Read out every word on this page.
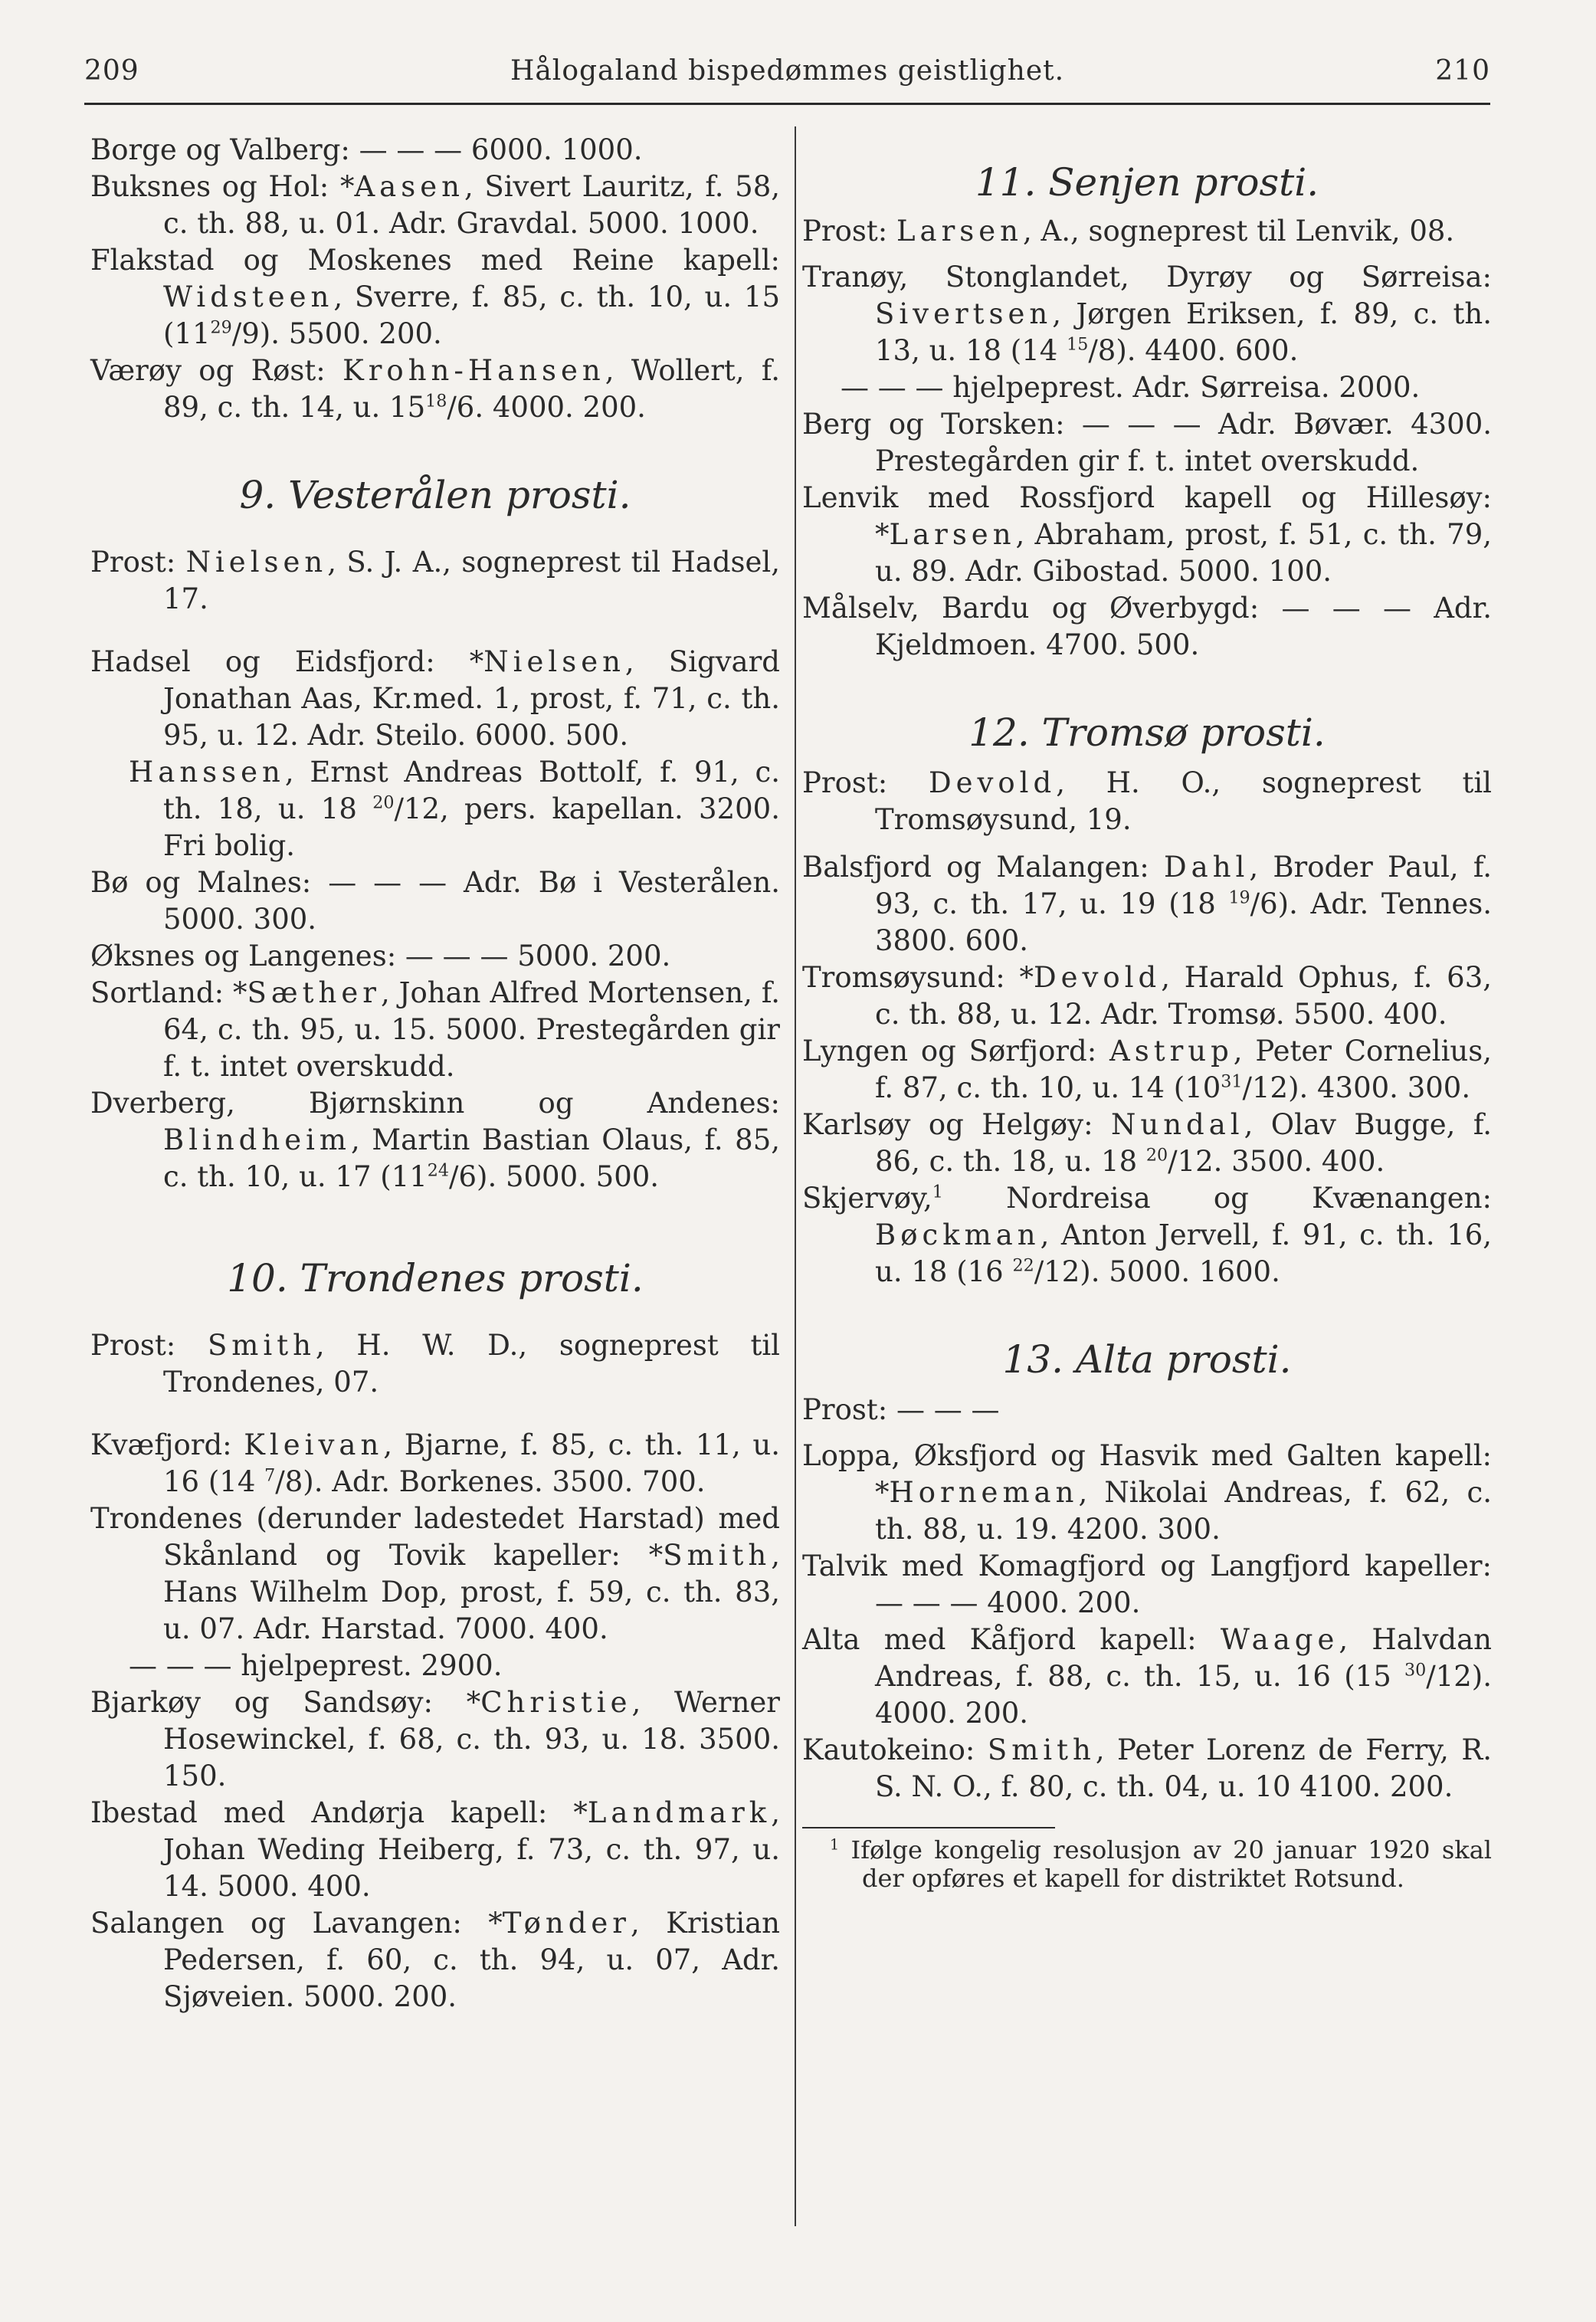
209	Hålogaland bispedømmes geistlighet.	210

Borge og Valberg: — — — 6000. 1000.

Buksnes og Hol: *Aasen, Sivert Lauritz, f. 58, c. th. 88, u. 01. Adr. Gravdal. 5000. 1000.

Flakstad og Moskenes med Reine kapell: Widsteen, Sverre, f. 85, c. th. 10, u. 15 $(11^{29}/9)$. 5500. 200.

Værøy og Røst: Krohn-Hansen, Wollert, f. 89, c. th. 14, u. $15^{18}/6$. 4000. 200.

9. Vesterålen prosti.

Prost: Nielsen, S. J. A., sogneprest til Hadsel, 17.

Hadsel og Eidsfjord: *Nielsen, Sigvard Jonathan Aas, Kr.med. 1, prost, f. 71, c. th. 95, u. 12. Adr. Steilo. 6000. 500.

Hanssen, Ernst Andreas Bottolf, f. 91, c. th. 18, u. 18 $^{20}$/12, pers. kapellan. 3200. Fri bolig.

Bø og Malnes: — — — Adr. Bø i Vesterålen. 5000. 300.

Øksnes og Langenes: — — — 5000. 200.

Sortland: *Sæther, Johan Alfred Mortensen, f. 64, c. th. 95, u. 15. 5000. Prestegården gir f. t. intet overskudd.

Dverberg, Bjørnskinn og Andenes: Blindheim, Martin Bastian Olaus, f. 85, c. th. 10, u. 17 $(11^{24}/6)$. 5000. 500.

10. Trondenes prosti.

Prost: Smith, H. W. D., sogneprest til Trondenes, 07.

Kvæfjord: Kleivan, Bjarne, f. 85, c. th. 11, u. 16 (14 $^7$/8). Adr. Borkenes. 3500. 700.

Trondenes (derunder ladestedet Harstad) med Skånland og Tovik kapeller: *Smith, Hans Wilhelm Dop, prost, f. 59, c. th. 83, u. 07. Adr. Harstad. 7000. 400.

— — — hjelpeprest. 2900.

Bjarkøy og Sandsøy: *Christie, Werner Hosewinckel, f. 68, c. th. 93, u. 18. 3500. 150.

Ibestad med Andørja kapell: *Landmark, Johan Weding Heiberg, f. 73, c. th. 97, u. 14. 5000. 400.

Salangen og Lavangen: *Tønder, Kristian Pedersen, f. 60, c. th. 94, u. 07, Adr. Sjøveien. 5000. 200.

11. Senjen prosti.

Prost: Larsen, A., sogneprest til Lenvik, 08.

Tranøy, Stonglandet, Dyrøy og Sørreisa: Sivertsen, Jørgen Eriksen, f. 89, c. th. 13, u. 18 (14 $^{15}$/8). 4400. 600.

— — — hjelpeprest. Adr. Sørreisa. 2000.

Berg og Torsken: — — — Adr. Bøvær. 4300. Prestegården gir f. t. intet overskudd.

Lenvik med Rossfjord kapell og Hillesøy: *Larsen, Abraham, prost, f. 51, c. th. 79, u. 89. Adr. Gibostad. 5000. 100.

Målselv, Bardu og Øverbygd: — — — Adr. Kjeldmoen. 4700. 500.

12. Tromsø prosti.

Prost: Devold, H. O., sogneprest til Tromsøysund, 19.

Balsfjord og Malangen: Dahl, Broder Paul, f. 93, c. th. 17, u. 19 (18 $^{19}$/6). Adr. Tennes. 3800. 600.

Tromsøysund: *Devold, Harald Ophus, f. 63, c. th. 88, u. 12. Adr. Tromsø. 5500. 400.

Lyngen og Sørfjord: Astrup, Peter Cornelius, f. 87, c. th. 10, u. 14 $(10^{31}/12)$. 4300. 300.

Karlsøy og Helgøy: Nundal, Olav Bugge, f. 86, c. th. 18, u. 18 $^{20}$/12. 3500. 400.

Skjervøy,$^1$ Nordreisa og Kvænangen: Bøckman, Anton Jervell, f. 91, c. th. 16, u. 18 (16 $^{22}$/12). 5000. 1600.

13. Alta prosti.

Prost: — — —

Loppa, Øksfjord og Hasvik med Galten kapell: *Horneman, Nikolai Andreas, f. 62, c. th. 88, u. 19. 4200. 300.

Talvik med Komagfjord og Langfjord kapeller: — — — 4000. 200.

Alta med Kåfjord kapell: Waage, Halvdan Andreas, f. 88, c. th. 15, u. 16 (15 $^{30}$/12). 4000. 200.

Kautokeino: Smith, Peter Lorenz de Ferry, R. S. N. O., f. 80, c. th. 04, u. 10 4100. 200.

$^1$ Ifølge kongelig resolusjon av 20 januar 1920 skal der opføres et kapell for distriktet Rotsund.
